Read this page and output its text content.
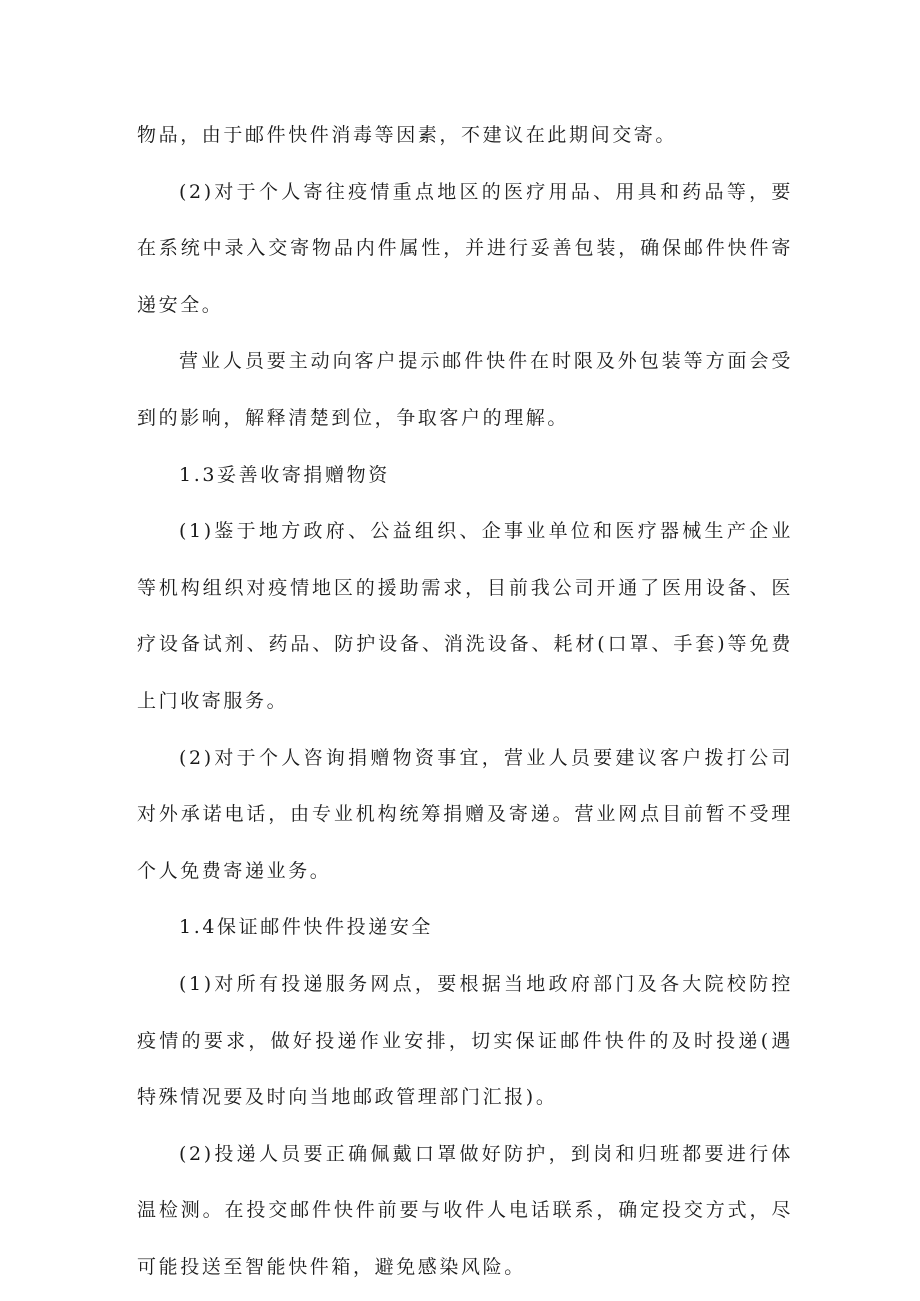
物品，由于邮件快件消毒等因素，不建议在此期间交寄。

(2)对于个人寄往疫情重点地区的医疗用品、用具和药品等，要在系统中录入交寄物品内件属性，并进行妥善包装，确保邮件快件寄递安全。

营业人员要主动向客户提示邮件快件在时限及外包装等方面会受到的影响，解释清楚到位，争取客户的理解。

1.3妥善收寄捐赠物资

(1)鉴于地方政府、公益组织、企事业单位和医疗器械生产企业等机构组织对疫情地区的援助需求，目前我公司开通了医用设备、医疗设备试剂、药品、防护设备、消洗设备、耗材(口罩、手套)等免费上门收寄服务。

(2)对于个人咨询捐赠物资事宜，营业人员要建议客户拨打公司对外承诺电话，由专业机构统筹捐赠及寄递。营业网点目前暂不受理个人免费寄递业务。

1.4保证邮件快件投递安全

(1)对所有投递服务网点，要根据当地政府部门及各大院校防控疫情的要求，做好投递作业安排，切实保证邮件快件的及时投递(遇特殊情况要及时向当地邮政管理部门汇报)。

(2)投递人员要正确佩戴口罩做好防护，到岗和归班都要进行体温检测。在投交邮件快件前要与收件人电话联系，确定投交方式，尽可能投送至智能快件箱，避免感染风险。
